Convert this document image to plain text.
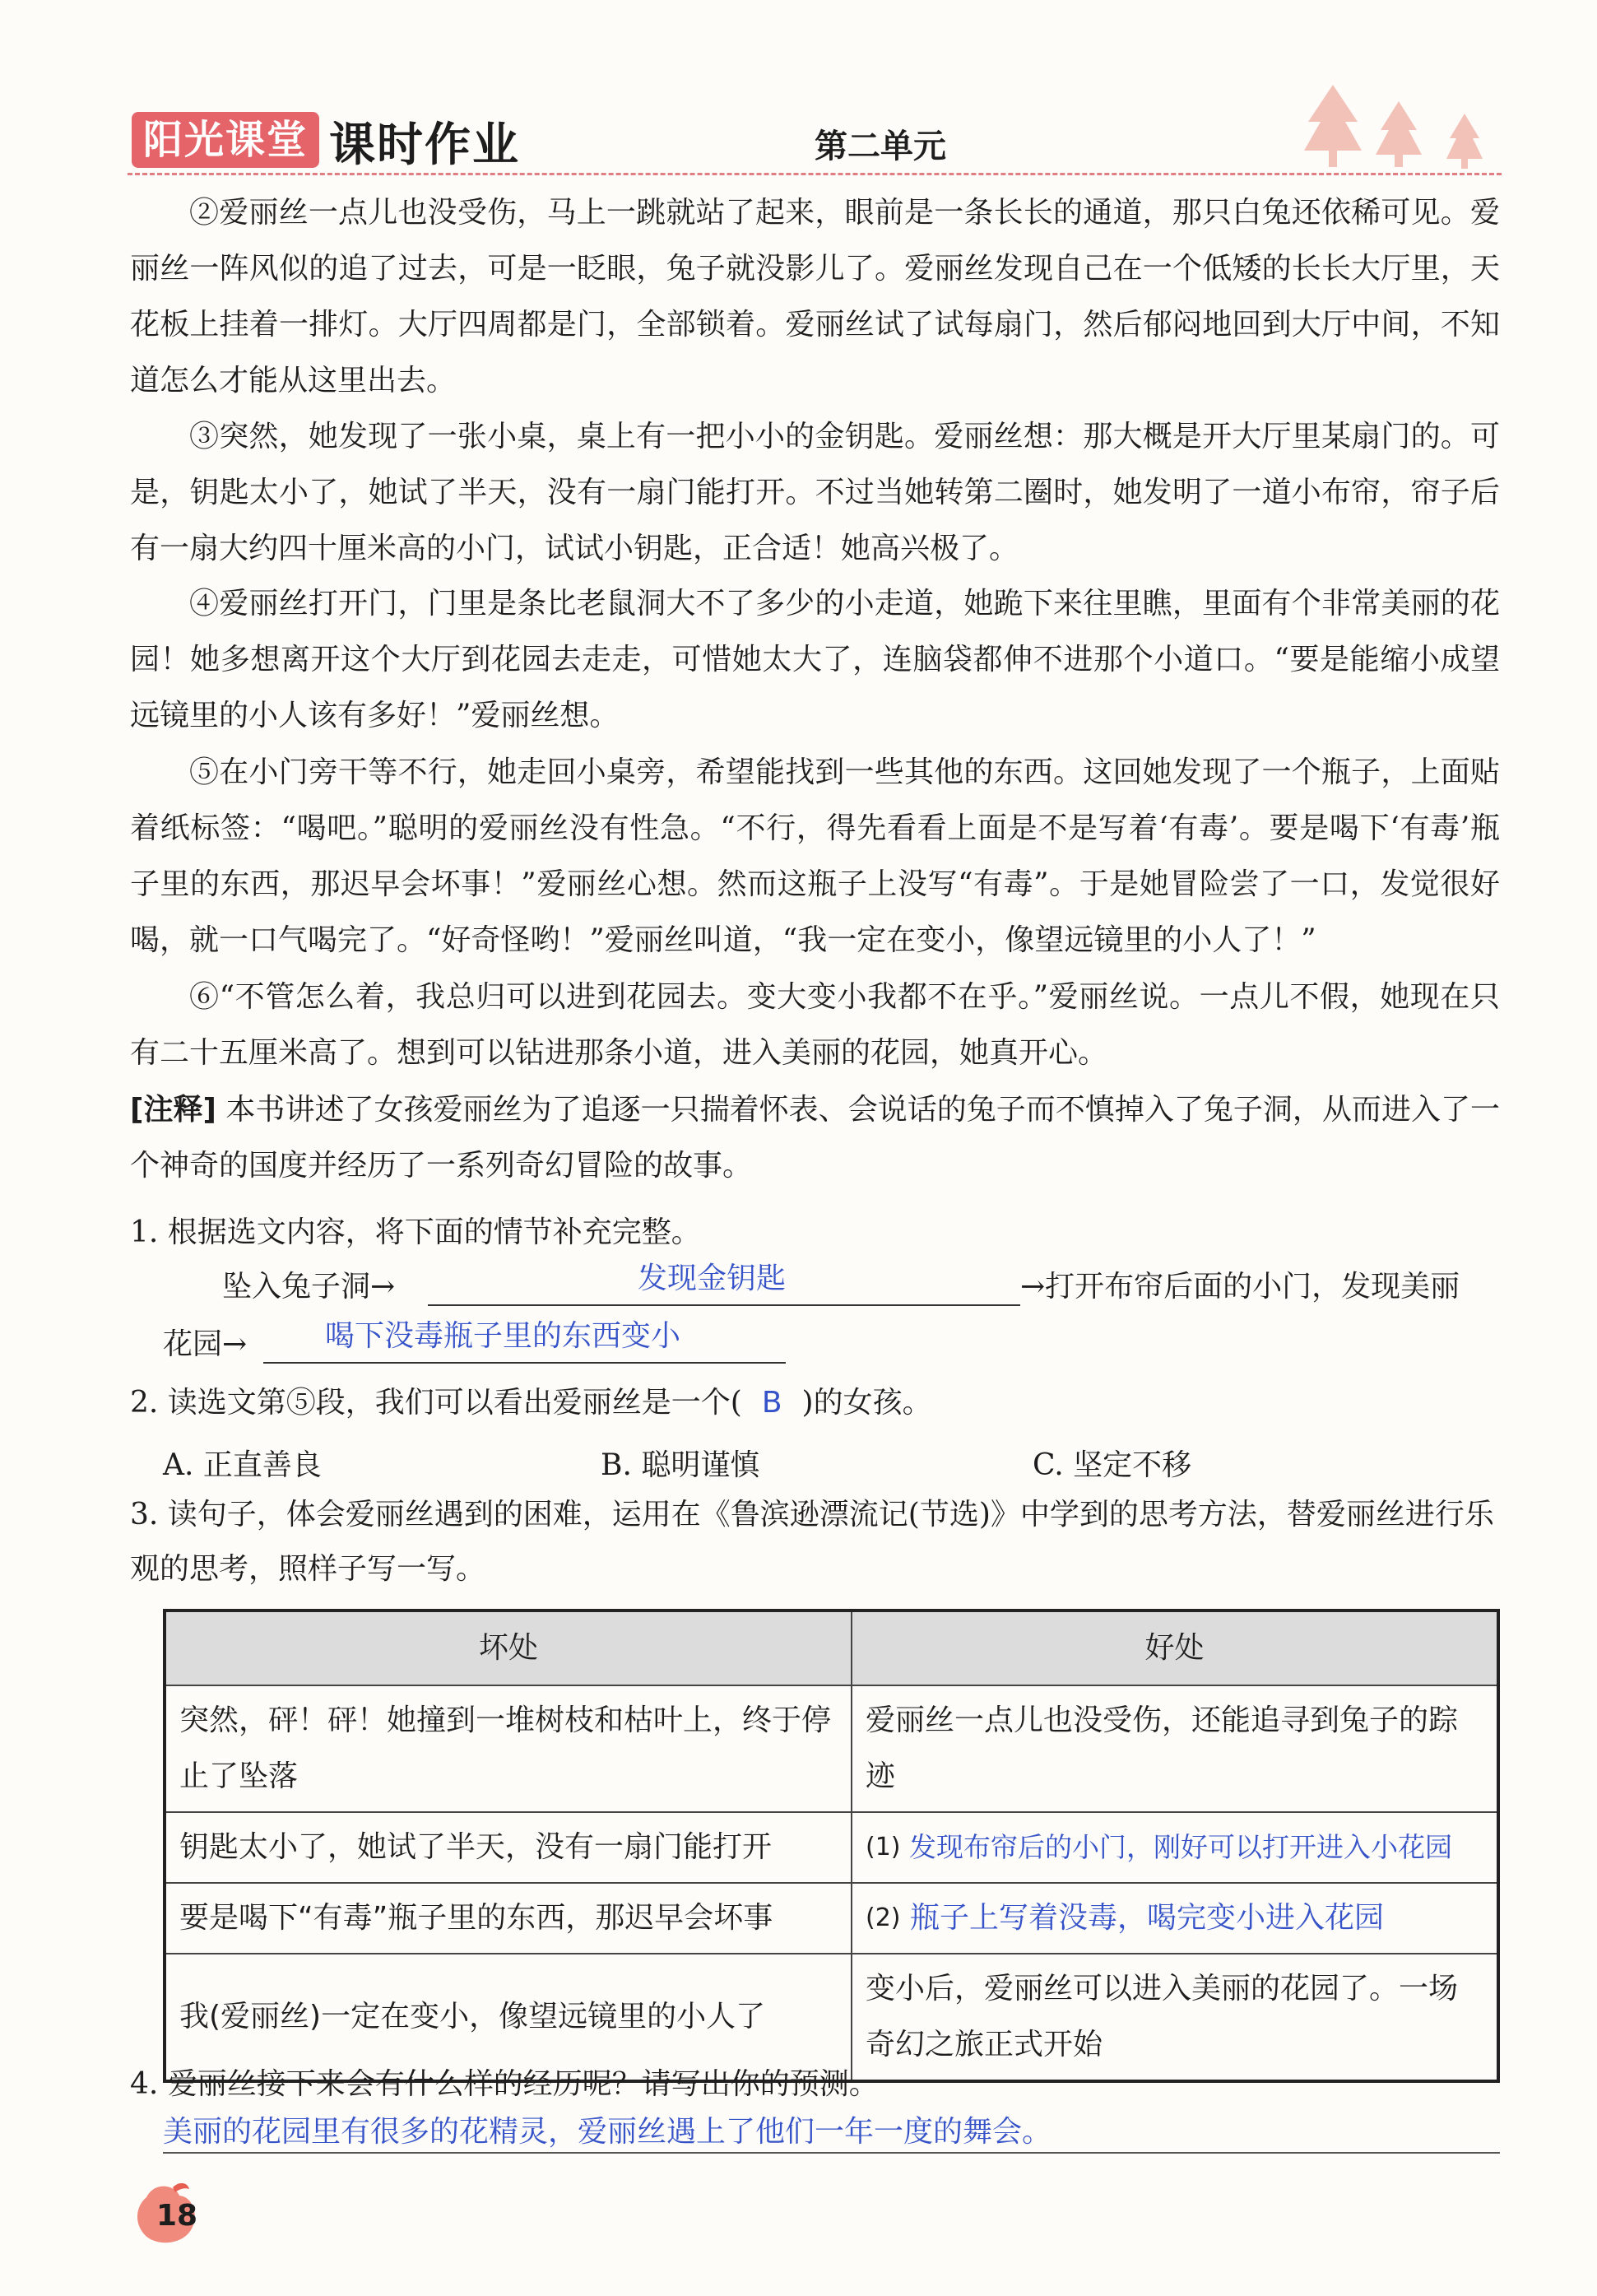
阳光课堂 课时作业	第二单元

②爱丽丝一点儿也没受伤，马上一跳就站了起来，眼前是一条长长的通道，那只白兔还依稀可见。爱丽丝一阵风似的追了过去，可是一眨眼，兔子就没影儿了。爱丽丝发现自己在一个低矮的长长大厅里，天花板上挂着一排灯。大厅四周都是门，全部锁着。爱丽丝试了试每扇门，然后郁闷地回到大厅中间，不知道怎么才能从这里出去。

③突然，她发现了一张小桌，桌上有一把小小的金钥匙。爱丽丝想：那大概是开大厅里某扇门的。可是，钥匙太小了，她试了半天，没有一扇门能打开。不过当她转第二圈时，她发明了一道小布帘，帘子后有一扇大约四十厘米高的小门，试试小钥匙，正合适！她高兴极了。

④爱丽丝打开门，门里是条比老鼠洞大不了多少的小走道，她跪下来往里瞧，里面有个非常美丽的花园！她多想离开这个大厅到花园去走走，可惜她太大了，连脑袋都伸不进那个小道口。“要是能缩小成望远镜里的小人该有多好！”爱丽丝想。

⑤在小门旁干等不行，她走回小桌旁，希望能找到一些其他的东西。这回她发现了一个瓶子，上面贴着纸标签：“喝吧。”聪明的爱丽丝没有性急。“不行，得先看看上面是不是写着‘有毒’。要是喝下‘有毒’瓶子里的东西，那迟早会坏事！”爱丽丝心想。然而这瓶子上没写“有毒”。于是她冒险尝了一口，发觉很好喝，就一口气喝完了。“好奇怪哟！”爱丽丝叫道，“我一定在变小，像望远镜里的小人了！”

⑥“不管怎么着，我总归可以进到花园去。变大变小我都不在乎。”爱丽丝说。一点儿不假，她现在只有二十五厘米高了。想到可以钻进那条小道，进入美丽的花园，她真开心。

[注释] 本书讲述了女孩爱丽丝为了追逐一只揣着怀表、会说话的兔子而不慎掉入了兔子洞，从而进入了一个神奇的国度并经历了一系列奇幻冒险的故事。

1. 根据选文内容，将下面的情节补充完整。

坠入兔子洞→	发现金钥匙	→打开布帘后面的小门，发现美丽
花园→	喝下没毒瓶子里的东西变小

2. 读选文第⑤段，我们可以看出爱丽丝是一个( B )的女孩。

A. 正直善良	B. 聪明谨慎	C. 坚定不移

3. 读句子，体会爱丽丝遇到的困难，运用在《鲁滨逊漂流记(节选)》中学到的思考方法，替爱丽丝进行乐观的思考，照样子写一写。

坏处	好处
突然，砰！砰！她撞到一堆树枝和枯叶上，终于停止了坠落	爱丽丝一点儿也没受伤，还能追寻到兔子的踪迹
钥匙太小了，她试了半天，没有一扇门能打开	(1) 发现布帘后的小门，刚好可以打开进入小花园
要是喝下“有毒”瓶子里的东西，那迟早会坏事	$^{(2)}$ 瓶子上写着没毒，喝完变小进入花园
我(爱丽丝)一定在变小，像望远镜里的小人了	变小后，爱丽丝可以进入美丽的花园了。一场奇幻之旅正式开始

4. 爱丽丝接下来会有什么样的经历呢？请写出你的预测。

美丽的花园里有很多的花精灵，爱丽丝遇上了他们一年一度的舞会。
18
